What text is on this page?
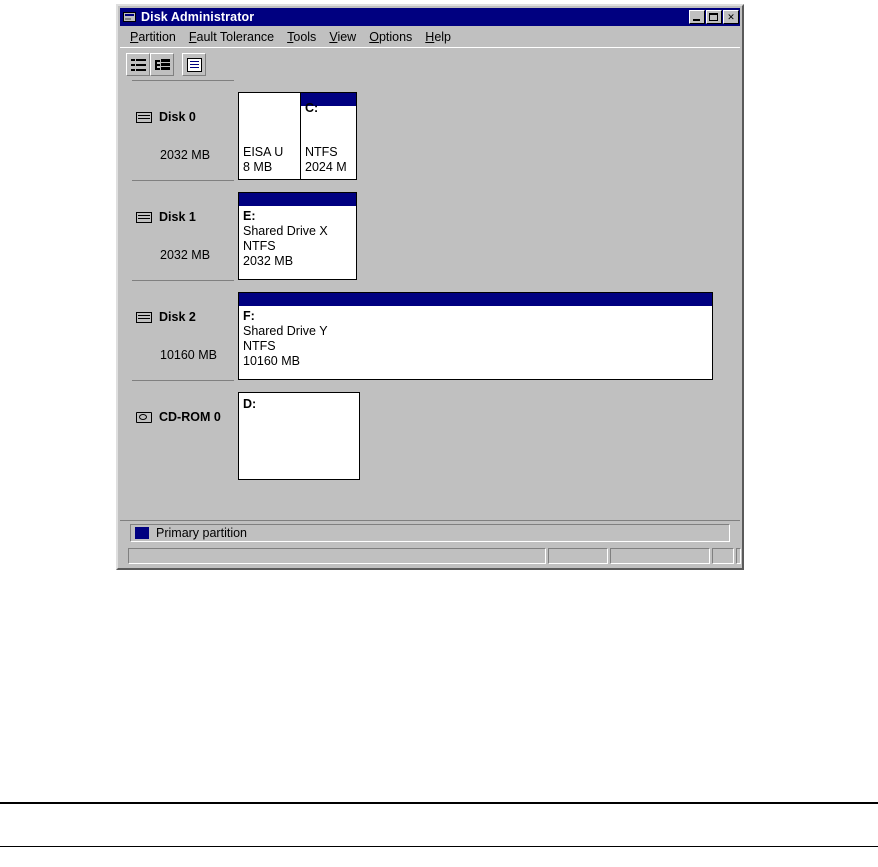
Disk Administrator	✕
Partition	Fault Tolerance	Tools	View	Options	Help
Disk 0
2032 MB	EISA U
8 MB
C:
NTFS
2024 M
Disk 1
2032 MB
E:
Shared Drive X
NTFS
2032 MB
Disk 2
10160 MB
F:
Shared Drive Y
NTFS
10160 MB
CD-ROM 0
D:
Primary partition
